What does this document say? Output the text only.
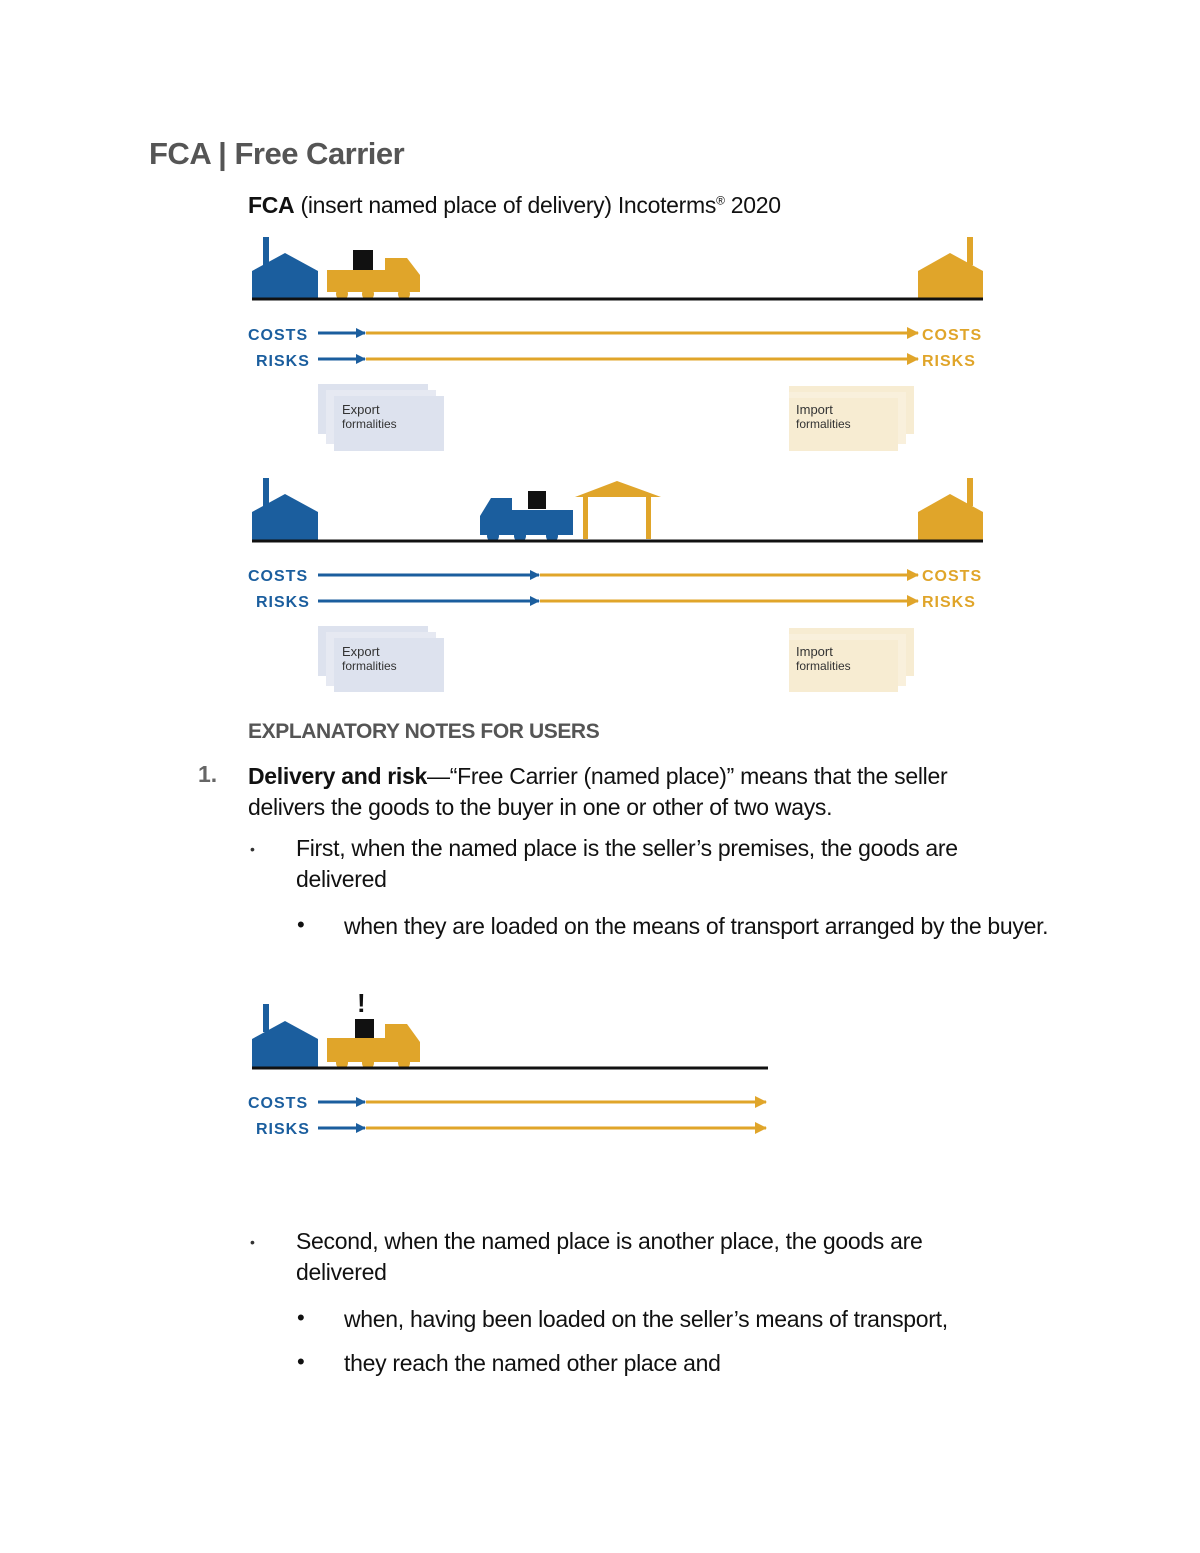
FCA | Free Carrier
FCA (insert named place of delivery) Incoterms® 2020
COSTS	COSTS
RISKS	RISKS
Export
formalities
Import
formalities
COSTS	COSTS
RISKS	RISKS
Export
formalities
Import
formalities
!
COSTS
RISKS
EXPLANATORY NOTES FOR USERS
1. Delivery and risk—“Free Carrier (named place)” means that the seller delivers the goods to the buyer in one or other of two ways.
• First, when the named place is the seller’s premises, the goods are delivered
• when they are loaded on the means of transport arranged by the buyer.
• Second, when the named place is another place, the goods are delivered
• when, having been loaded on the seller’s means of transport,
• they reach the named other place and
